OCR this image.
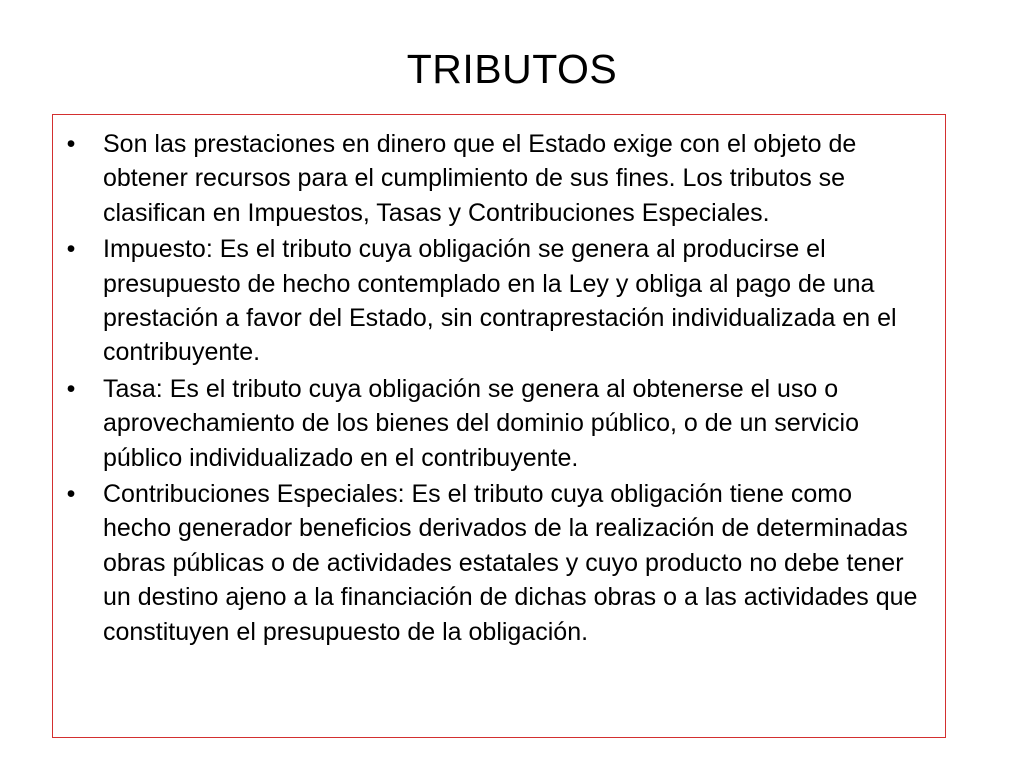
TRIBUTOS
• Son las prestaciones en dinero que el Estado exige con el objeto de obtener recursos para el cumplimiento de sus fines. Los tributos se clasifican en Impuestos, Tasas y Contribuciones Especiales.
• Impuesto: Es el tributo cuya obligación se genera al producirse el presupuesto de hecho contemplado en la Ley y obliga al pago de una prestación a favor del Estado, sin contraprestación individualizada en el contribuyente.
• Tasa: Es el tributo cuya obligación se genera al obtenerse el uso o aprovechamiento de los bienes del dominio público, o de un servicio público individualizado en el contribuyente.
• Contribuciones Especiales: Es el tributo cuya obligación tiene como hecho generador beneficios derivados de la realización de determinadas obras públicas o de actividades estatales y cuyo producto no debe tener un destino ajeno a la financiación de dichas obras o a las actividades que constituyen el presupuesto de la obligación.
